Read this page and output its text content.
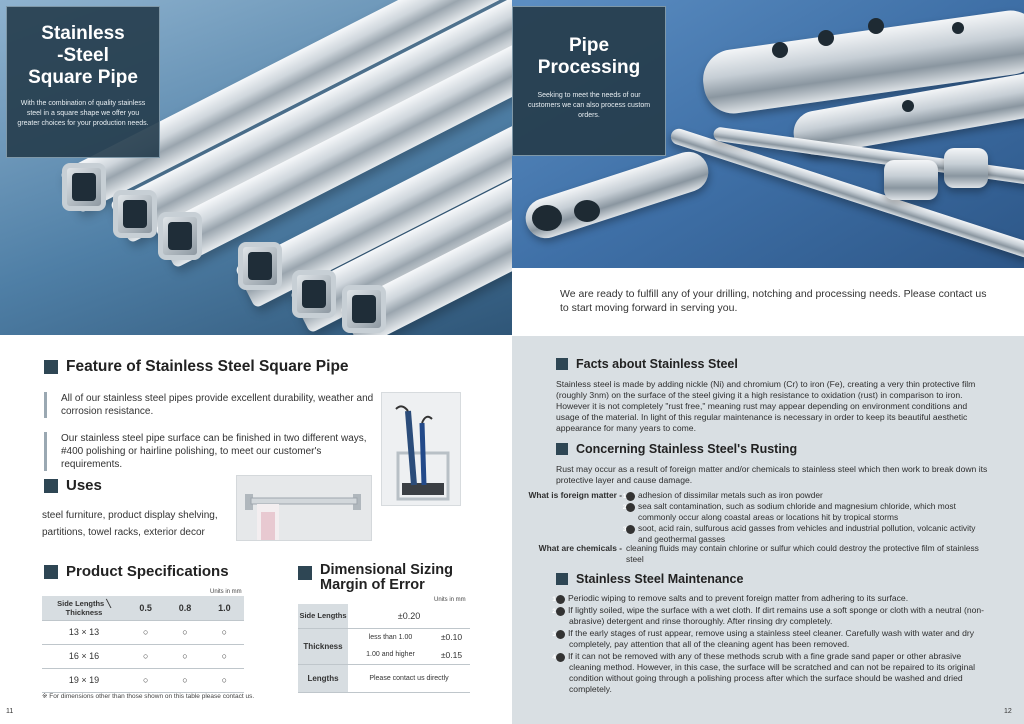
Stainless
-Steel
Square Pipe

With the combination of quality stainless steel in a square shape we offer you greater choices for your production needs.

Feature of Stainless Steel Square Pipe
All of our stainless steel pipes provide excellent durability, weather and corrosion resistance.
Our stainless steel pipe surface can be finished in two different ways, #400 polishing or hairline polishing, to meet our customer's requirements.
Uses
steel furniture, product display shelving, partitions, towel racks, exterior decor
Product Specifications
Units in mm
Side Lengths ╲ Thickness	0.5	0.8	1.0
13 × 13	○	○	○
16 × 16	○	○	○
19 × 19	○	○	○
※ For dimensions other than those shown on this table please contact us.
Dimensional Sizing Margin of Error
Units in mm
Side Lengths	±0.20	
Thickness	less than 1.00	±0.10
	1.00 and higher	±0.15
Lengths	Please contact us directly	
11
Pipe
Processing

Seeking to meet the needs of our customers we can also process custom orders.

We are ready to fulfill any of your drilling, notching and processing needs. Please contact us to start moving forward in serving you.
Facts about Stainless Steel
Stainless steel is made by adding nickle (Ni) and chromium (Cr) to iron (Fe), creating a very thin protective film (roughly 3nm) on the surface of the steel giving it a high resistance to oxidation (rust) in comparison to iron. However it is not completely "rust free," meaning rust may appear depending on environment conditions and usage of the material. In light of this regular maintenance is necessary in order to keep its beautiful aesthetic appearance for many years to come.
Concerning Stainless Steel's Rusting
Rust may occur as a result of foreign matter and/or chemicals to stainless steel which then work to break down its protective layer and cause damage.
What is foreign matter - 1 adhesion of dissimilar metals such as iron powder
2 sea salt contamination, such as sodium chloride and magnesium chloride, which most commonly occur along coastal areas or locations hit by tropical storms
3 soot, acid rain, sulfurous acid gasses from vehicles and industrial pollution, volcanic activity and geothermal gasses
What are chemicals - cleaning fluids may contain chlorine or sulfur which could destroy the protective film of stainless steel
Stainless Steel Maintenance
1 Periodic wiping to remove salts and to prevent foreign matter from adhering to its surface.
2 If lightly soiled, wipe the surface with a wet cloth. If dirt remains use a soft sponge or cloth with a neutral (non-abrasive) detergent and rinse thoroughly. After rinsing dry completely.
3 If the early stages of rust appear, remove using a stainless steel cleaner. Carefully wash with water and dry completely, pay attention that all of the cleaning agent has been removed.
4 If it can not be removed with any of these methods scrub with a fine grade sand paper or other abrasive cleaning method. However, in this case, the surface will be scratched and can not be repaired to its original condition without going through a polishing process after which the surface should be washed and dried completely.
12
